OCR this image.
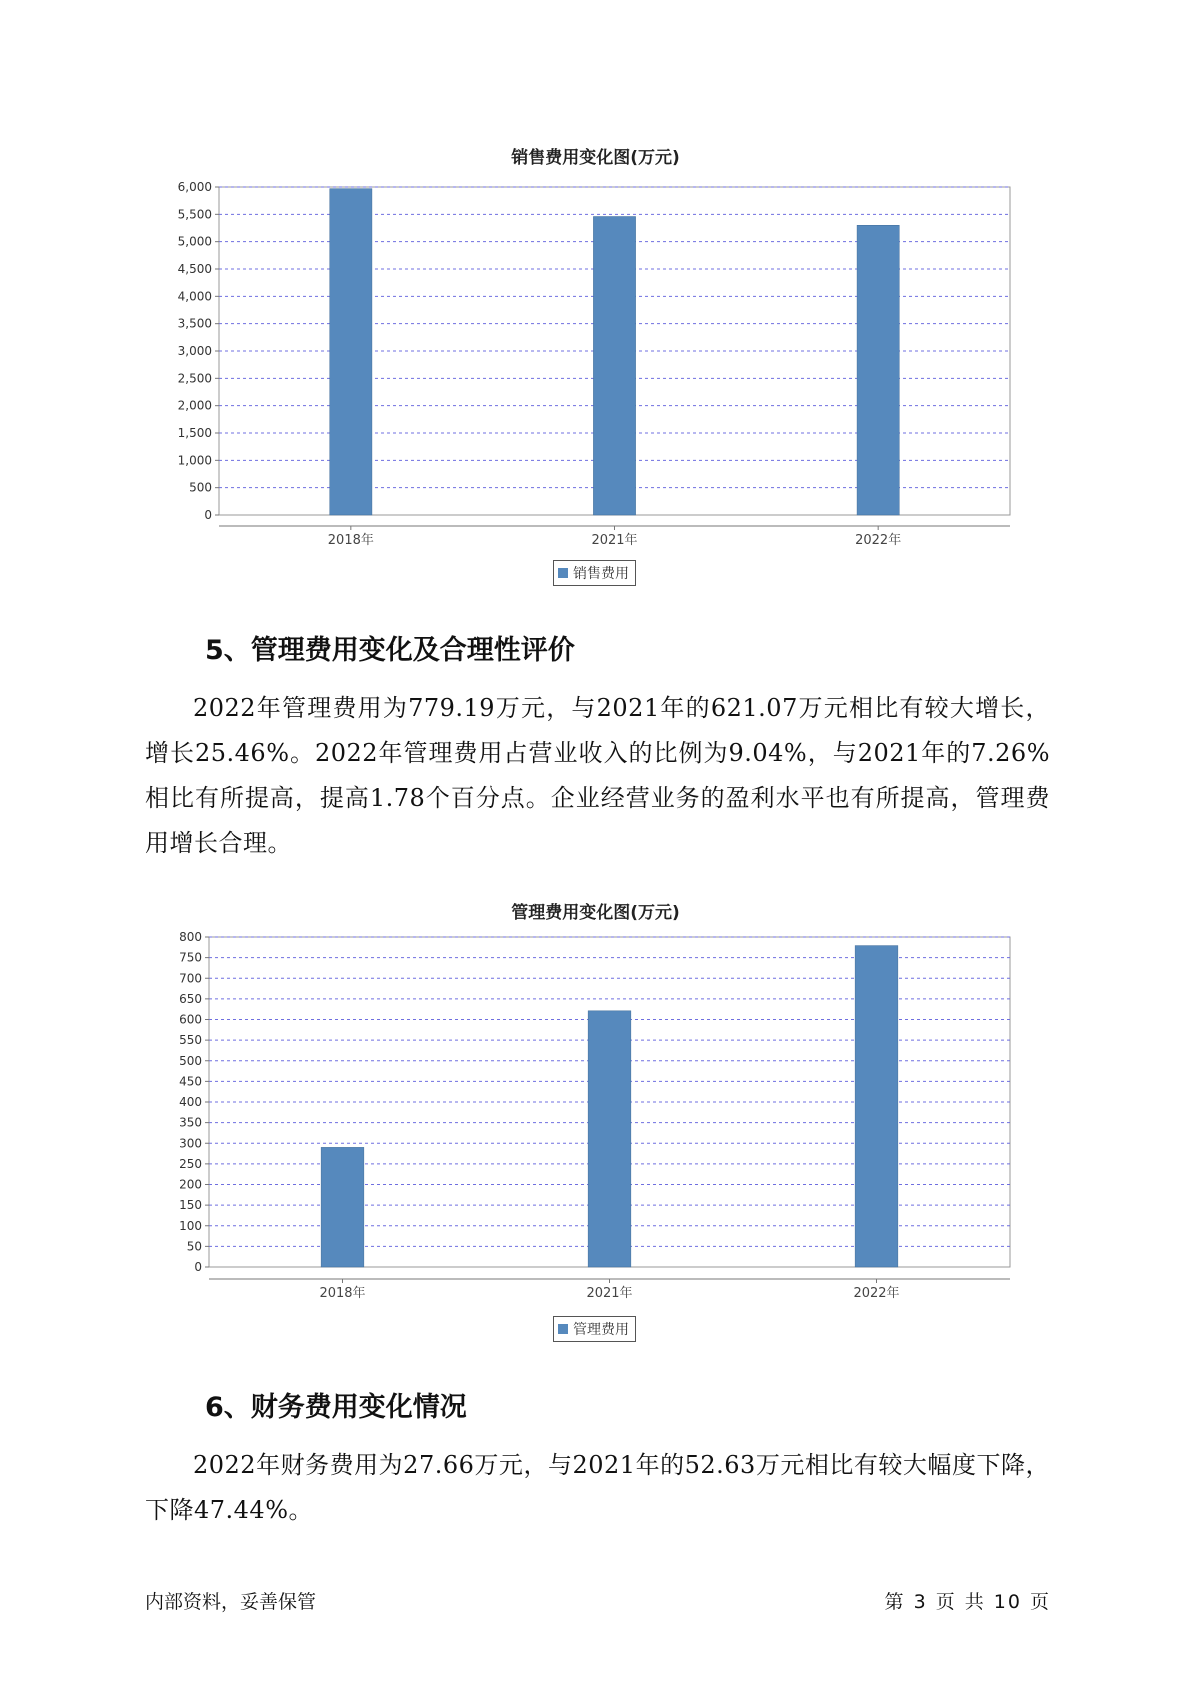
销售费用变化图(万元)
0
500
1,000
1,500
2,000
2,500
3,000
3,500
4,000
4,500
5,000
5,500
6,000
2018年	2021年	2022年
销售费用
5、管理费用变化及合理性评价

2022年管理费用为779.19万元，与2021年的621.07万元相比有较大增长，增长25.46%。2022年管理费用占营业收入的比例为9.04%，与2021年的7.26%相比有所提高，提高1.78个百分点。企业经营业务的盈利水平也有所提高，管理费用增长合理。

管理费用变化图(万元)
0
50
100
150
200
250
300
350
400
450
500
550
600
650
700
750
800
2018年	2021年	2022年
管理费用
6、财务费用变化情况

2022年财务费用为27.66万元，与2021年的52.63万元相比有较大幅度下降，下降47.44%。

内部资料，妥善保管	第 3 页 共 10 页
